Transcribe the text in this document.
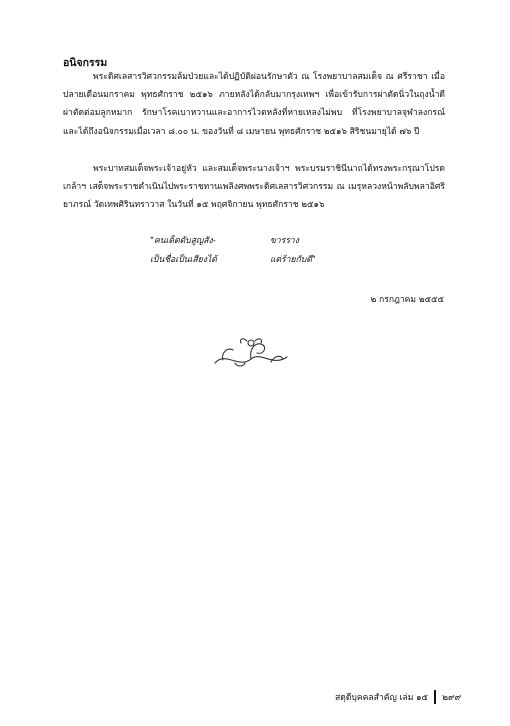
อนิจกรรม
พระดิศเลสารวิศวกรรมล้มป่วยและได้ปฏิบัติผ่อนรักษาตัว ณ โรงพยาบาลสมเด็จ ณ ศรีราชา เมื่อปลายเดือนมกราคม พุทธศักราช ๒๕๑๖ ภายหลังได้กลับมากรุงเทพฯ เพื่อเข้ารับการผ่าตัดนิ่วในถุงน้ำดี ผ่าตัดต่อมลูกหมาก รักษาโรคเบาหวานและอาการไวตหลังที่หายเหลงไม่พบ ที่โรงพยาบาลจุฬาลงกรณ์ และได้ถึงอนิจกรรมเมื่อเวลา ๘.๐๐ น. ของวันที่ ๘ เมษายน พุทธศักราช ๒๕๑๖ สิริชนมายุได้ ๗๖ ปี
พระบาทสมเด็จพระเจ้าอยู่หัว และสมเด็จพระนางเจ้าฯ พระบรมราชินีนาถได้ทรงพระกรุณาโปรดเกล้าฯ เสด็จพระราชดำเนินไปพระราชทานเพลิงศพพระดิศเลสารวิศวกรรม ณ เมรุหลวงหน้าพลับพลาอิศริยาภรณ์ วัดเทพศิรินทราวาส ในวันที่ ๑๕ พฤศจิกายน พุทธศักราช ๒๕๑๖
"คนเด็ดดับสูญสัง-	ขารราง
เป็นชื่อเป็นเสียงได้	แต่ร้ายกับดี"
๒ กรกฎาคม ๒๕๕๕
สดุดีบุคคลสำคัญ เล่ม ๑๕ ๒๙๙
